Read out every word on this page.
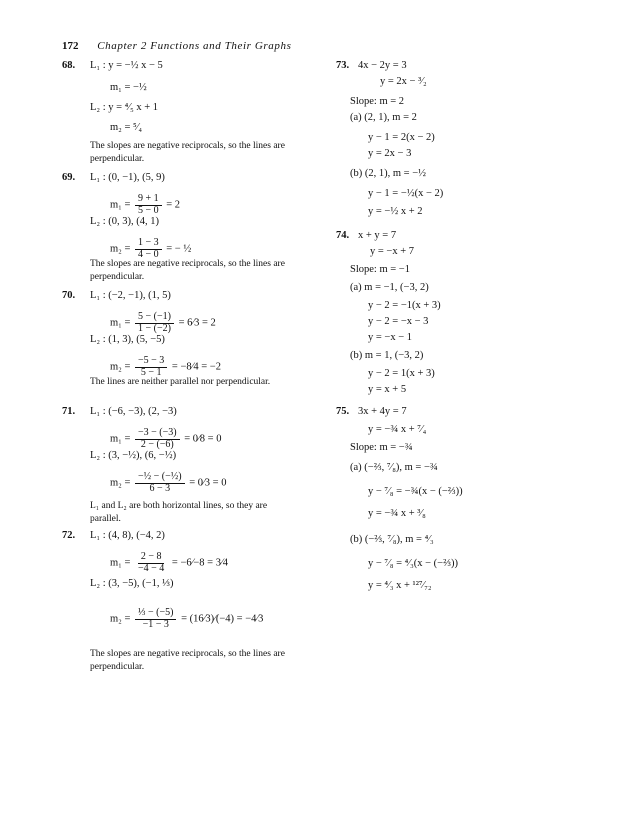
172 Chapter 2 Functions and Their Graphs
68. L₁ : y = −½ x − 5
m₁ = −½
L₂ : y = ⁴⁄₅ x + 1
m₂ = ⁵⁄₄
The slopes are negative reciprocals, so the lines are perpendicular.
69. L₁ : (0, −1), (5, 9)
$m_1 = \frac{9 + 1}{5 - 0} = 2$
L₂ : (0, 3), (4, 1)
$m_2 = \frac{1 - 3}{4 - 0}$ = − ½
The slopes are negative reciprocals, so the lines are perpendicular.
70. L₁ : (−2, −1), (1, 5)
$m_1 = \frac{5 - (-1)}{1 - (-2)}$ = 6⁄3 = 2
L₂ : (1, 3), (5, −5)
$m_2 = \frac{-5 - 3}{5 - 1}$ = −8⁄4 = −2
The lines are neither parallel nor perpendicular.
71. L₁ : (−6, −3), (2, −3)
$m_1 = \frac{-3 - (-3)}{2 - (-6)}$ = 0⁄8 = 0
L₂ : (3, −½), (6, −½)
$m_2 = \frac{\text{−½ − (−½)}}{6 - 3}$ = 0⁄3 = 0
L₁ and L₂ are both horizontal lines, so they are parallel.
72. L₁ : (4, 8), (−4, 2)
$m_1 = \frac{2 - 8}{-4 - 4}$ = −6⁄−8 = 3⁄4
L₂ : (3, −5), (−1, ⅓)
$m_2 = \frac{\text{⅓ − (−5)}}{-1 - 3}$ = (16⁄3)⁄(−4) = −4⁄3
The slopes are negative reciprocals, so the lines are perpendicular.
73. 4x − 2y = 3
y = 2x − ³⁄₂
Slope: m = 2
(a) (2, 1), m = 2
y − 1 = 2(x − 2)
y = 2x − 3
(b) (2, 1), m = −½
y − 1 = −½(x − 2)
y = −½ x + 2
74. x + y = 7
y = −x + 7
Slope: m = −1
(a) m = −1, (−3, 2)
y − 2 = −1(x + 3)
y − 2 = −x − 3
y = −x − 1
(b) m = 1, (−3, 2)
y − 2 = 1(x + 3)
y = x + 5
75. 3x + 4y = 7
y = −¾ x + ⁷⁄₄
Slope: m = −¾
(a) (−⅔, ⁷⁄₈), m = −¾
y − ⁷⁄₈ = −¾(x − (−⅔))
y = −¾ x + ³⁄₈
(b) (−⅔, ⁷⁄₈), m = ⁴⁄₃
y − ⁷⁄₈ = ⁴⁄₃(x − (−⅔))
y = ⁴⁄₃ x + ¹²⁷⁄₇₂
